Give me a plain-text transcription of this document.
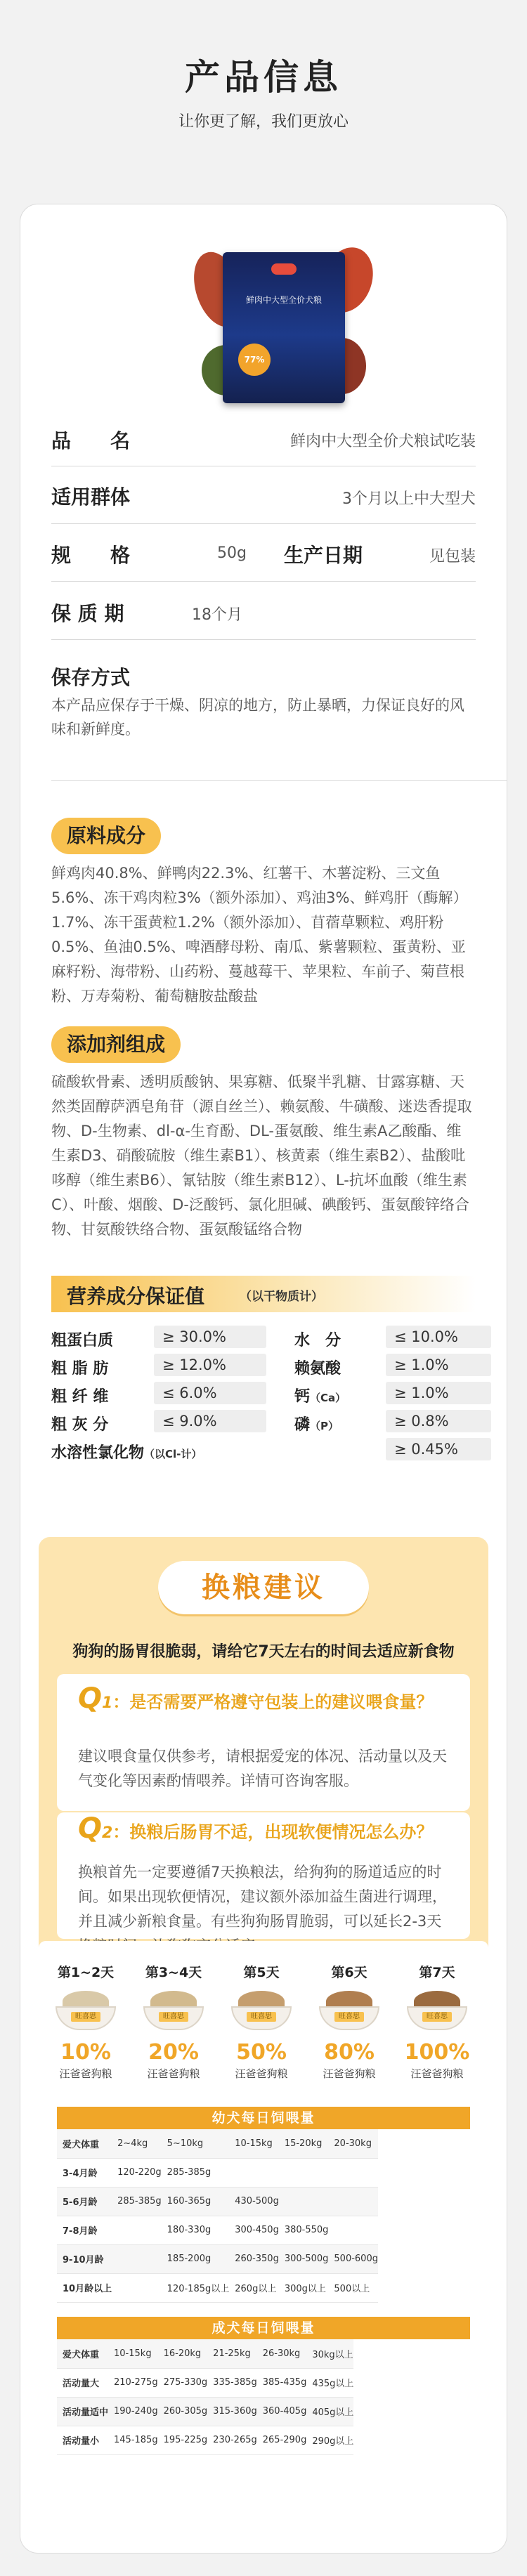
产品信息

让你更了解，我们更放心

鲜肉中大型全价犬粮
77%
品　　名	鲜肉中大型全价犬粮试吃装
适用群体	3个月以上中大型犬
规　　格	50g 生产日期	见包装
保 质 期	18个月
保存方式
本产品应保存于干燥、阴凉的地方，防止暴晒，力保证良好的风味和新鲜度。
原料成分
鲜鸡肉40.8%、鲜鸭肉22.3%、红薯干、木薯淀粉、三文鱼5.6%、冻干鸡肉粒3%（额外添加）、鸡油3%、鲜鸡肝（酶解）1.7%、冻干蛋黄粒1.2%（额外添加）、苜蓿草颗粒、鸡肝粉0.5%、鱼油0.5%、啤酒酵母粉、南瓜、紫薯颗粒、蛋黄粉、亚麻籽粉、海带粉、山药粉、蔓越莓干、苹果粒、车前子、菊苣根粉、万寿菊粉、葡萄糖胺盐酸盐
添加剂组成
硫酸软骨素、透明质酸钠、果寡糖、低聚半乳糖、甘露寡糖、天然类固醇萨洒皂角苷（源自丝兰）、赖氨酸、牛磺酸、迷迭香提取物、D-生物素、dl-α-生育酚、DL-蛋氨酸、维生素A乙酸酯、维生素D3、硝酸硫胺（维生素B1）、核黄素（维生素B2）、盐酸吡哆醇（维生素B6）、氰钴胺（维生素B12）、L-抗坏血酸（维生素C）、叶酸、烟酸、D-泛酸钙、氯化胆碱、碘酸钙、蛋氨酸锌络合物、甘氨酸铁络合物、蛋氨酸锰络合物
营养成分保证值	（以干物质计）
粗蛋白质	≥ 30.0%
粗 脂 肪	≥ 12.0%
粗 纤 维	≤ 6.0%
粗 灰 分	≤ 9.0%
水　分	≤ 10.0%
赖氨酸	≥ 1.0%
钙（Ca）	≥ 1.0%
磷（P）	≥ 0.8%
水溶性氯化物（以Cl-计）	≥ 0.45%
换粮建议
狗狗的肠胃很脆弱，请给它7天左右的时间去适应新食物
Q1：是否需要严格遵守包装上的建议喂食量？
建议喂食量仅供参考，请根据爱宠的体况、活动量以及天气变化等因素酌情喂养。详情可咨询客服。
Q2：换粮后肠胃不适，出现软便情况怎么办？
换粮首先一定要遵循7天换粮法，给狗狗的肠道适应的时间。如果出现软便情况，建议额外添加益生菌进行调理，并且减少新粮食量。有些狗狗肠胃脆弱，可以延长2-3天
第1~2天
旺喜思
10%
汪爸爸狗粮
第3~4天
旺喜思
20%
汪爸爸狗粮
第5天
旺喜思
50%
汪爸爸狗粮
第6天
旺喜思
80%
汪爸爸狗粮
第7天
旺喜思
100%
汪爸爸狗粮
幼犬每日饲喂量
爱犬体重	2~4kg	5~10kg	10-15kg	15-20kg	20-30kg
3-4月龄	120-220g	285-385g			
5-6月龄	285-385g	160-365g	430-500g		
7-8月龄		180-330g	300-450g	380-550g	
9-10月龄		185-200g	260-350g	300-500g	500-600g
10月龄以上		120-185g以上	260g以上	300g以上	500以上
成犬每日饲喂量
爱犬体重	10-15kg	16-20kg	21-25kg	26-30kg	30kg以上
活动量大	210-275g	275-330g	335-385g	385-435g	435g以上
活动量适中	190-240g	260-305g	315-360g	360-405g	405g以上
活动量小	145-185g	195-225g	230-265g	265-290g	290g以上
